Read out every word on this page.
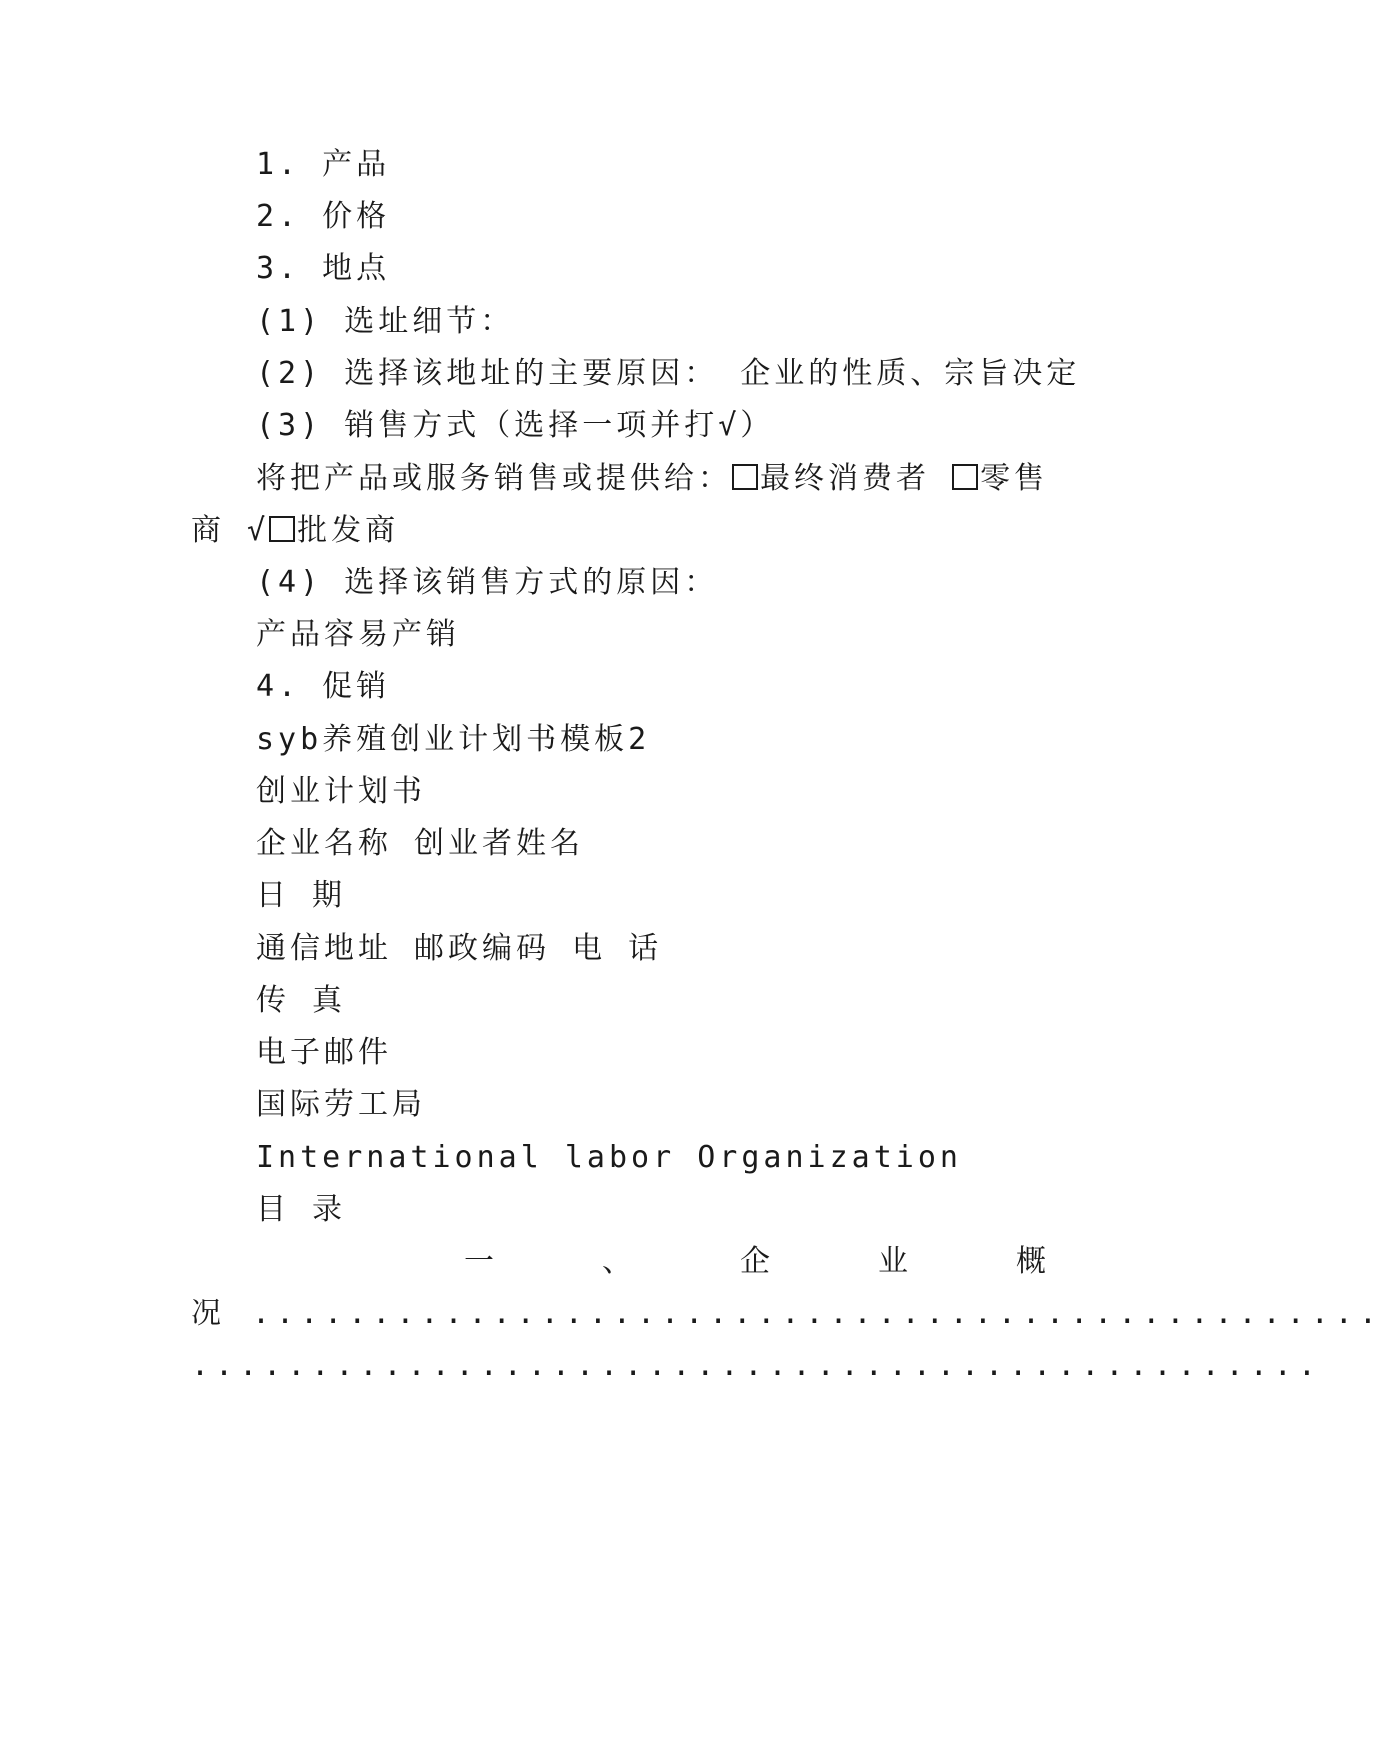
1. 产品
2. 价格
3. 地点
(1) 选址细节：
(2) 选择该地址的主要原因： 企业的性质、宗旨决定
(3) 销售方式（选择一项并打√）
将把产品或服务销售或提供给： 最终消费者 零售
商 √ 批发商
(4) 选择该销售方式的原因：
产品容易产销
4. 促销
syb养殖创业计划书模板2
创业计划书
企业名称 创业者姓名
日 期
通信地址 邮政编码 电 话
传 真
电子邮件
国际劳工局
International labor Organization
目 录
一	、	企	业	概
况 ...............................................
...............................................
